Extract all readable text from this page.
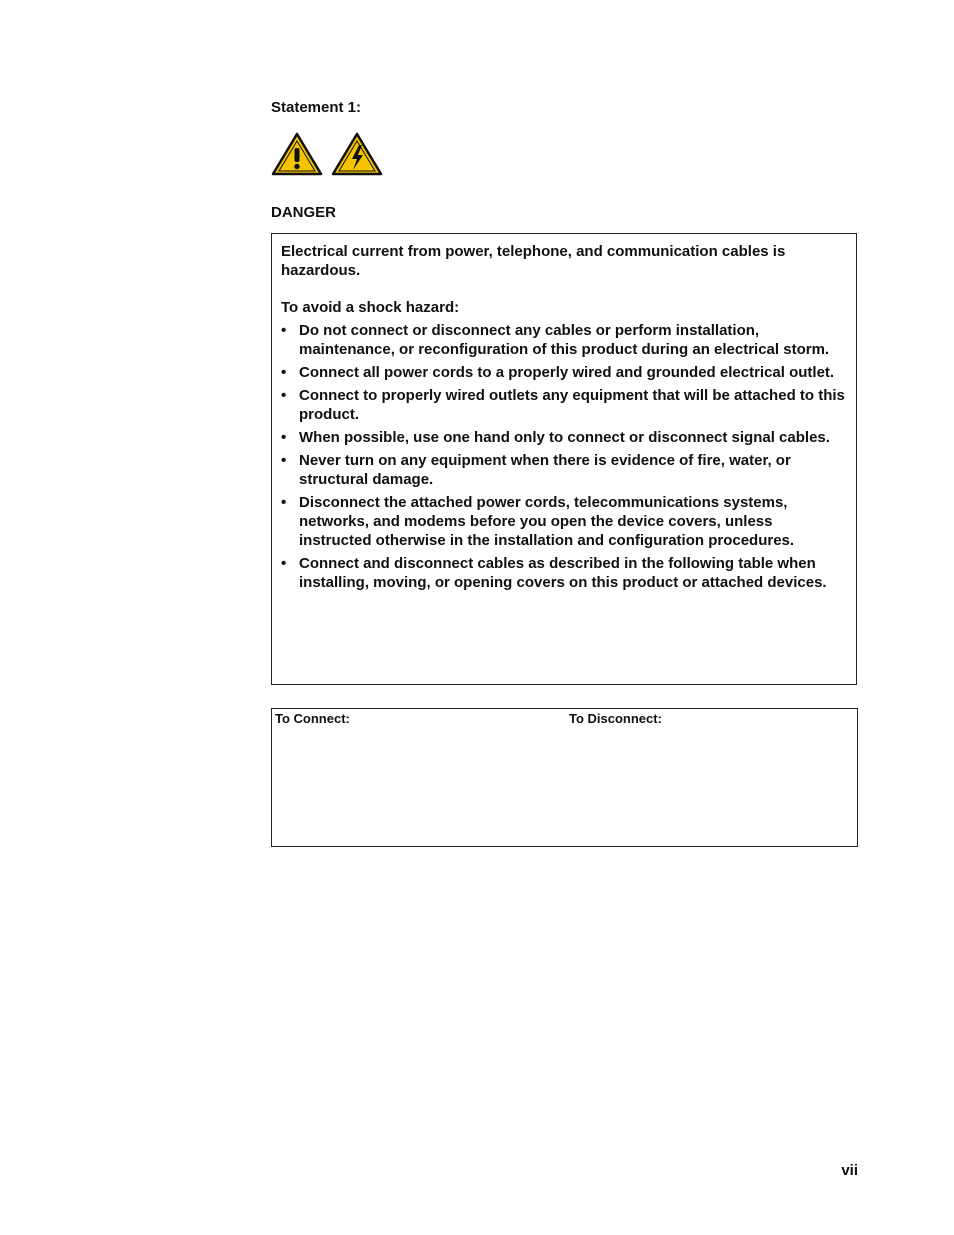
Statement 1:
DANGER

Electrical current from power, telephone, and communication cables is hazardous.

To avoid a shock hazard:

• Do not connect or disconnect any cables or perform installation, maintenance, or reconfiguration of this product during an electrical storm.
• Connect all power cords to a properly wired and grounded electrical outlet.
• Connect to properly wired outlets any equipment that will be attached to this product.
• When possible, use one hand only to connect or disconnect signal cables.
• Never turn on any equipment when there is evidence of fire, water, or structural damage.
• Disconnect the attached power cords, telecommunications systems, networks, and modems before you open the device covers, unless instructed otherwise in the installation and configuration procedures.
• Connect and disconnect cables as described in the following table when installing, moving, or opening covers on this product or attached devices.
To Connect:	To Disconnect:
vii
